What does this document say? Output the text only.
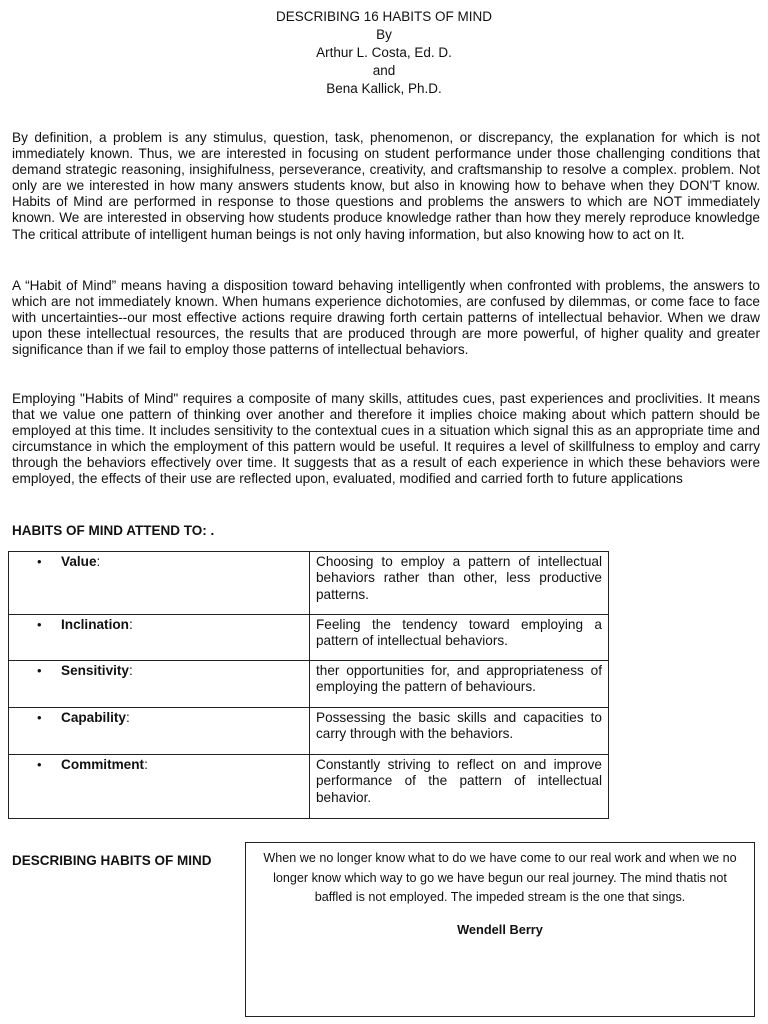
DESCRIBING 16 HABITS OF MIND
By
Arthur L. Costa, Ed. D.
and
Bena Kallick, Ph.D.

By definition, a problem is any stimulus, question, task, phenomenon, or discrepancy, the explanation for which is not immediately known. Thus, we are interested in focusing on student performance under those challenging conditions that demand strategic reasoning, insighifulness, perseverance, creativity, and craftsmanship to resolve a complex. problem. Not only are we interested in how many answers students know, but also in knowing how to behave when they DON'T know. Habits of Mind are performed in response to those questions and problems the answers to which are NOT immediately known. We are interested in observing how students produce knowledge rather than how they merely reproduce knowledge The critical attribute of intelligent human beings is not only having information, but also knowing how to act on It.

A “Habit of Mind” means having a disposition toward behaving intelligently when confronted with problems, the answers to which are not immediately known. When humans experience dichotomies, are confused by dilemmas, or come face to face with uncertainties--our most effective actions require drawing forth certain patterns of intellectual behavior. When we draw upon these intellectual resources, the results that are produced through are more powerful, of higher quality and greater significance than if we fail to employ those patterns of intellectual behaviors.

Employing "Habits of Mind" requires a composite of many skills, attitudes cues, past experiences and proclivities. It means that we value one pattern of thinking over another and therefore it implies choice making about which pattern should be employed at this time. It includes sensitivity to the contextual cues in a situation which signal this as an appropriate time and circumstance in which the employment of this pattern would be useful. It requires a level of skillfulness to employ and carry through the behaviors effectively over time. It suggests that as a result of each experience in which these behaviors were employed, the effects of their use are reflected upon, evaluated, modified and carried forth to future applications

HABITS OF MIND ATTEND TO: .
• Value:	Choosing to employ a pattern of intellectual behaviors rather than other, less productive patterns.

• Inclination:	Feeling the tendency toward employing a pattern of intellectual behaviors.

• Sensitivity:	ther opportunities for, and appropriateness of employing the pattern of behaviours.

• Capability:	Possessing the basic skills and capacities to carry through with the behaviors.

• Commitment:	Constantly striving to reflect on and improve performance of the pattern of intellectual behavior.
DESCRIBING HABITS OF MIND	When we no longer know what to do we have come to our real work and when we no longer know which way to go we have begun our real journey. The mind thatis not baffled is not employed. The impeded stream is the one that sings.
Wendell Berry
